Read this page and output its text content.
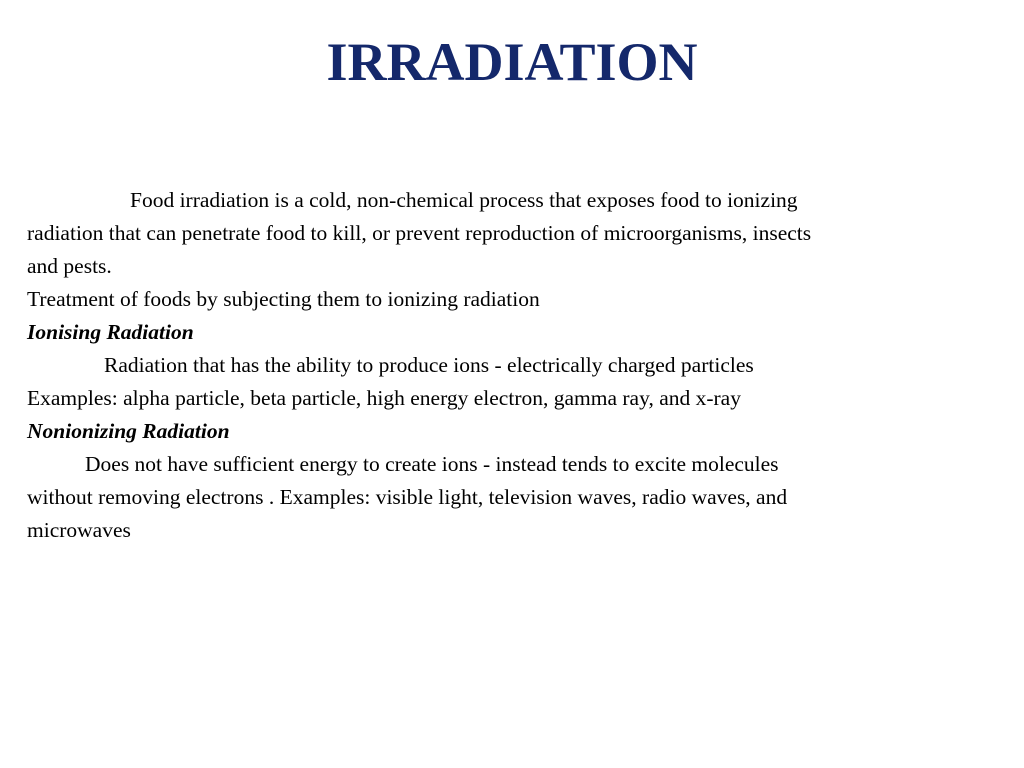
IRRADIATION
Food irradiation is a cold, non-chemical process that exposes food to ionizing
radiation that can penetrate food to kill, or prevent reproduction of microorganisms, insects
and pests.
Treatment of foods by subjecting them to ionizing radiation
Ionising Radiation
Radiation that has the ability to produce ions - electrically charged particles
Examples: alpha particle, beta particle, high energy electron, gamma ray, and x-ray
Nonionizing Radiation
Does not have sufficient energy to create ions - instead tends to excite molecules
without removing electrons . Examples: visible light, television waves, radio waves, and
microwaves
